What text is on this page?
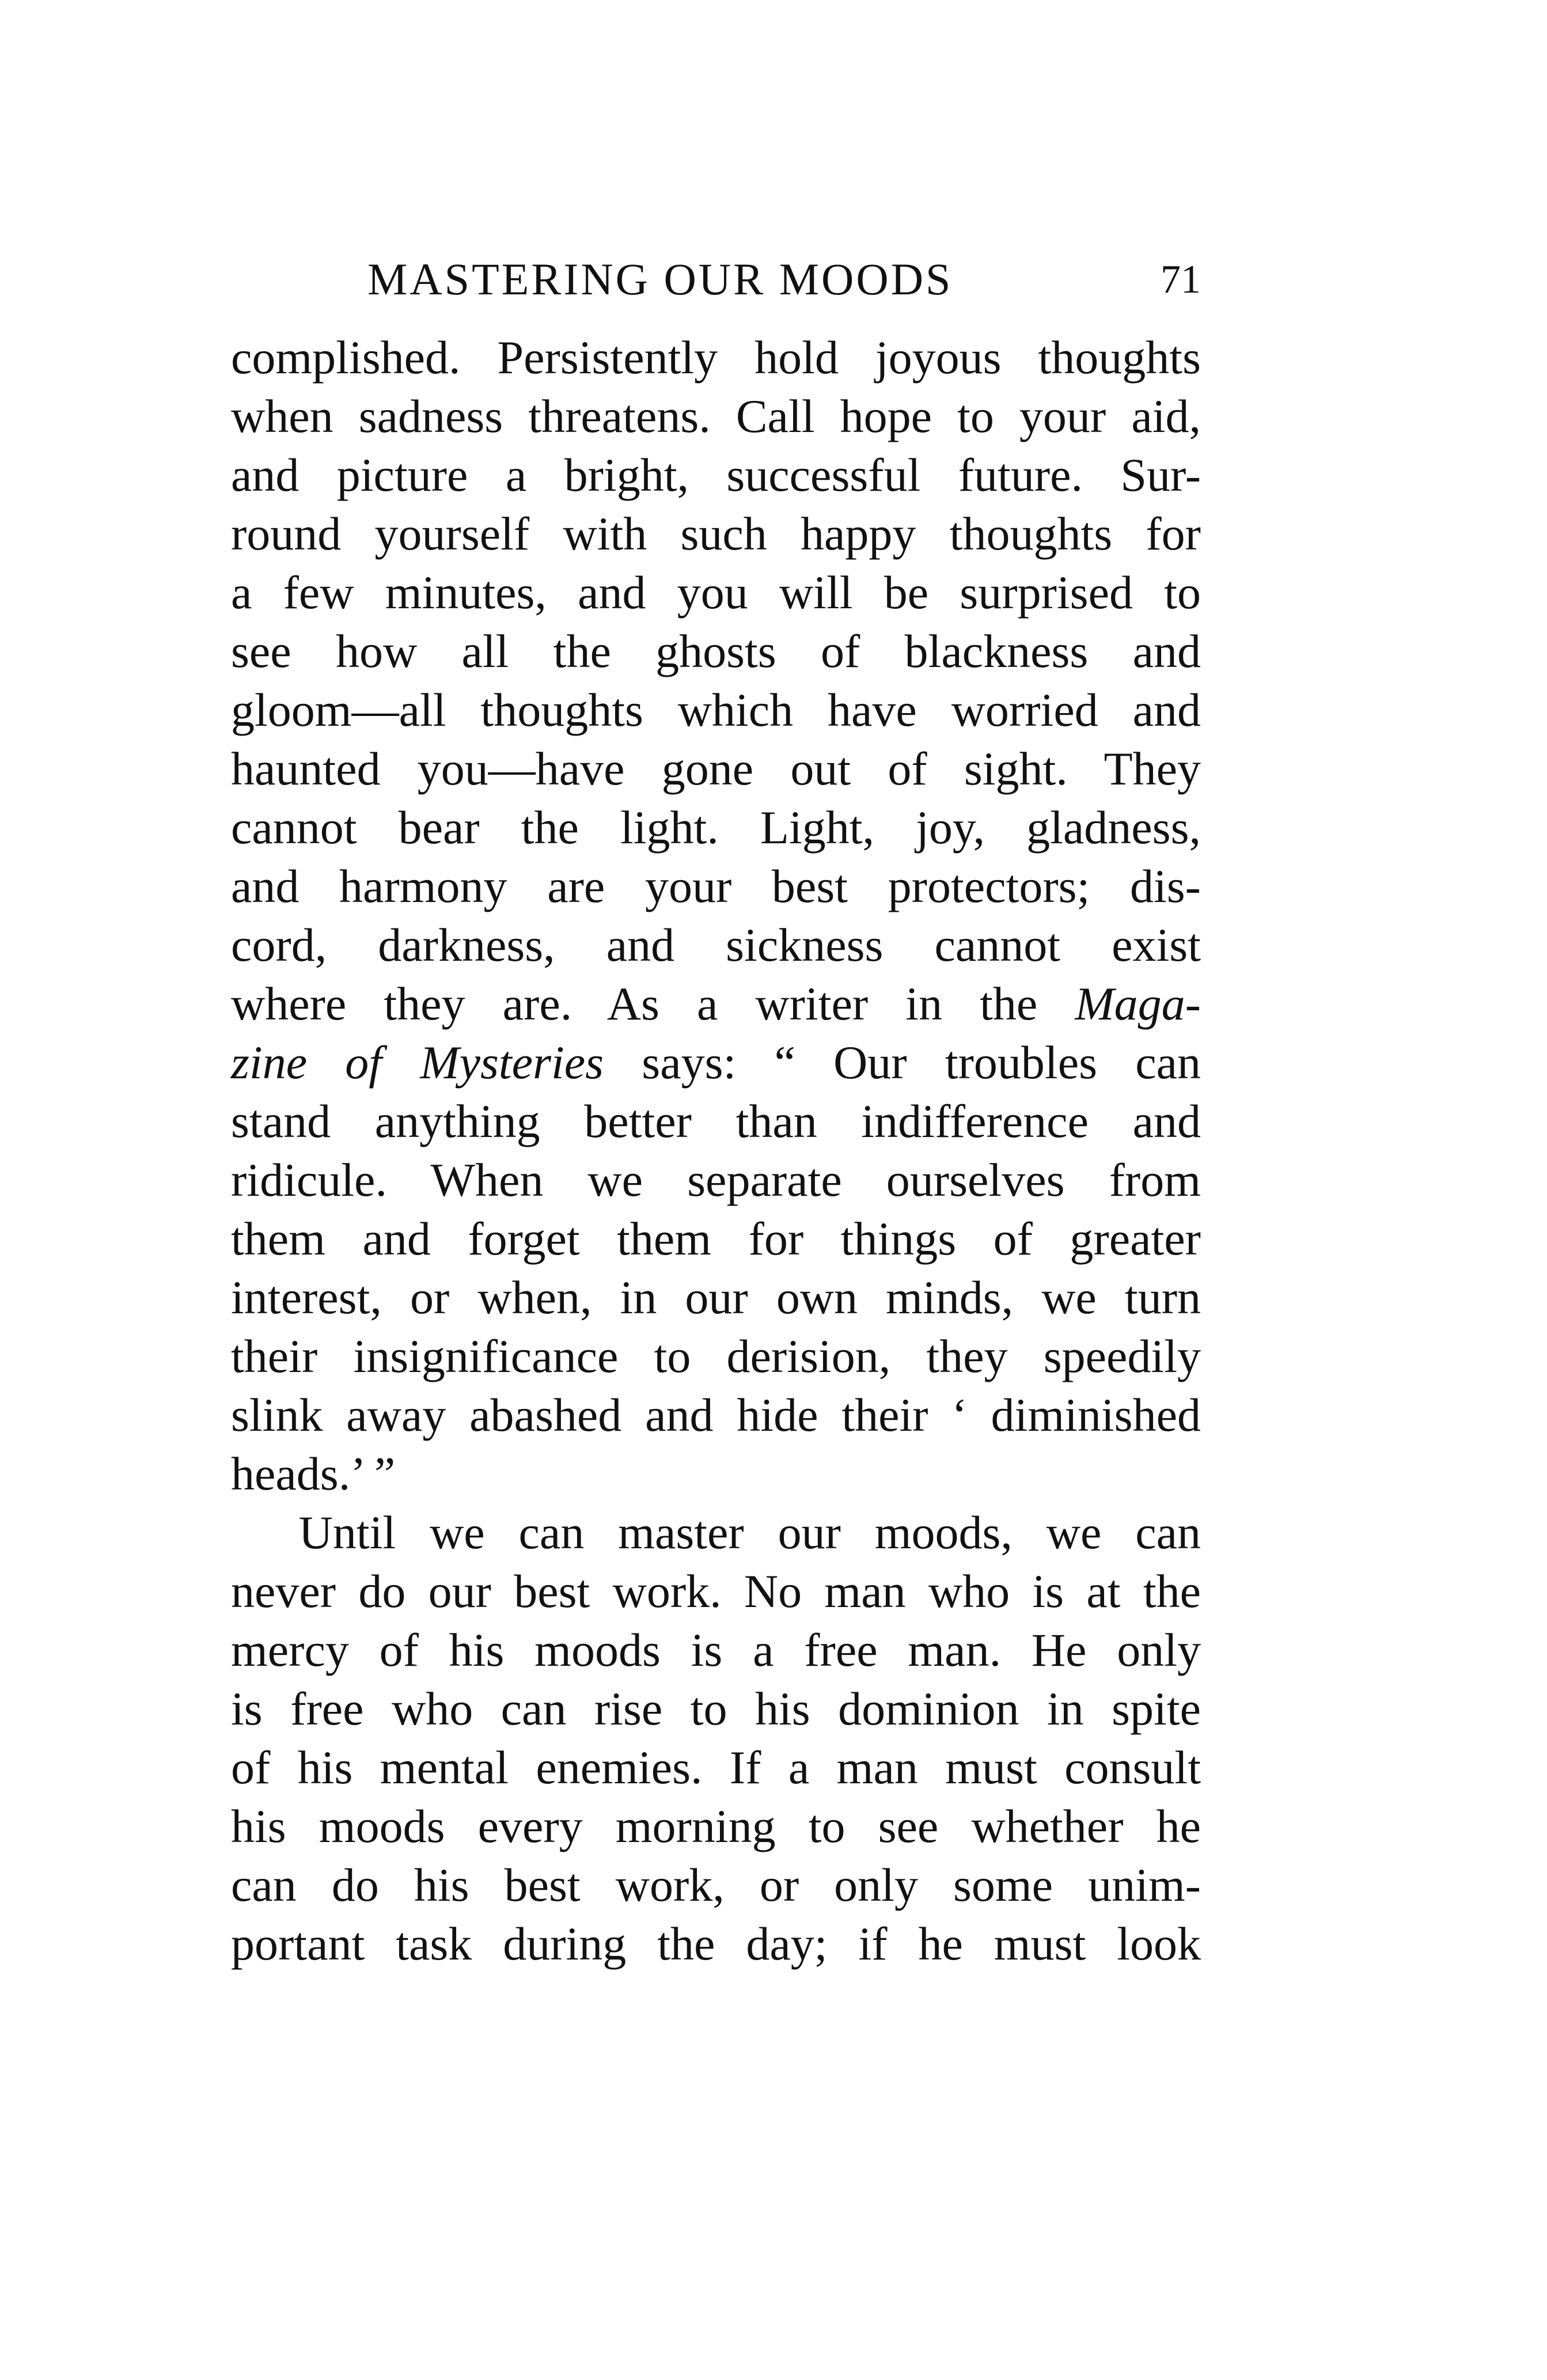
MASTERING OUR MOODS	71
complished. Persistently hold joyous thoughts
when sadness threatens. Call hope to your aid,
and picture a bright, successful future. Sur-
round yourself with such happy thoughts for
a few minutes, and you will be surprised to
see how all the ghosts of blackness and
gloom—all thoughts which have worried and
haunted you—have gone out of sight. They
cannot bear the light. Light, joy, gladness,
and harmony are your best protectors; dis-
cord, darkness, and sickness cannot exist
where they are. As a writer in the Maga-
zine of Mysteries says: “ Our troubles can
stand anything better than indifference and
ridicule. When we separate ourselves from
them and forget them for things of greater
interest, or when, in our own minds, we turn
their insignificance to derision, they speedily
slink away abashed and hide their ‘ diminished
heads.’ ”
Until we can master our moods, we can
never do our best work. No man who is at the
mercy of his moods is a free man. He only
is free who can rise to his dominion in spite
of his mental enemies. If a man must consult
his moods every morning to see whether he
can do his best work, or only some unim-
portant task during the day; if he must look
